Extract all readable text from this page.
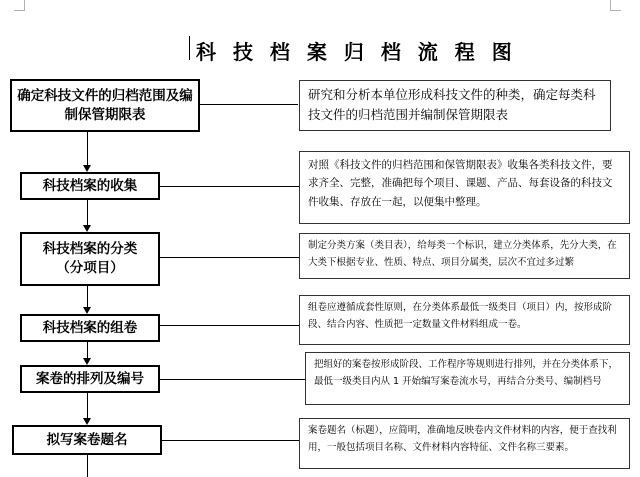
科 技 档 案 归 档 流 程 图
确定科技文件的归档范围及编制保管期限表
研究和分析本单位形成科技文件的种类，确定每类科技文件的归档范围并编制保管期限表
科技档案的收集
对照《科技文件的归档范围和保管期限表》收集各类科技文件，要求齐全、完整，准确把每个项目、课题、产品、每套设备的科技文件收集、存放在一起，以便集中整理。
科技档案的分类（分项目）
制定分类方案（类目表），给每类一个标识，建立分类体系，先分大类，在大类下根据专业、性质、特点、项目分属类，层次不宜过多过繁
科技档案的组卷
组卷应遵循成套性原则，在分类体系最低一级类目（项目）内，按形成阶段、结合内容、性质把一定数量文件材料组成一卷。
案卷的排列及编号
把组好的案卷按形成阶段、工作程序等规则进行排列，并在分类体系下，最低一级类目内从 1 开始编写案卷流水号，再结合分类号、编制档号
拟写案卷题名
案卷题名（标题），应简明，准确地反映卷内文件材料的内容，便于查找利用，一般包括项目名称、文件材料内容特征、文件名称三要素。
